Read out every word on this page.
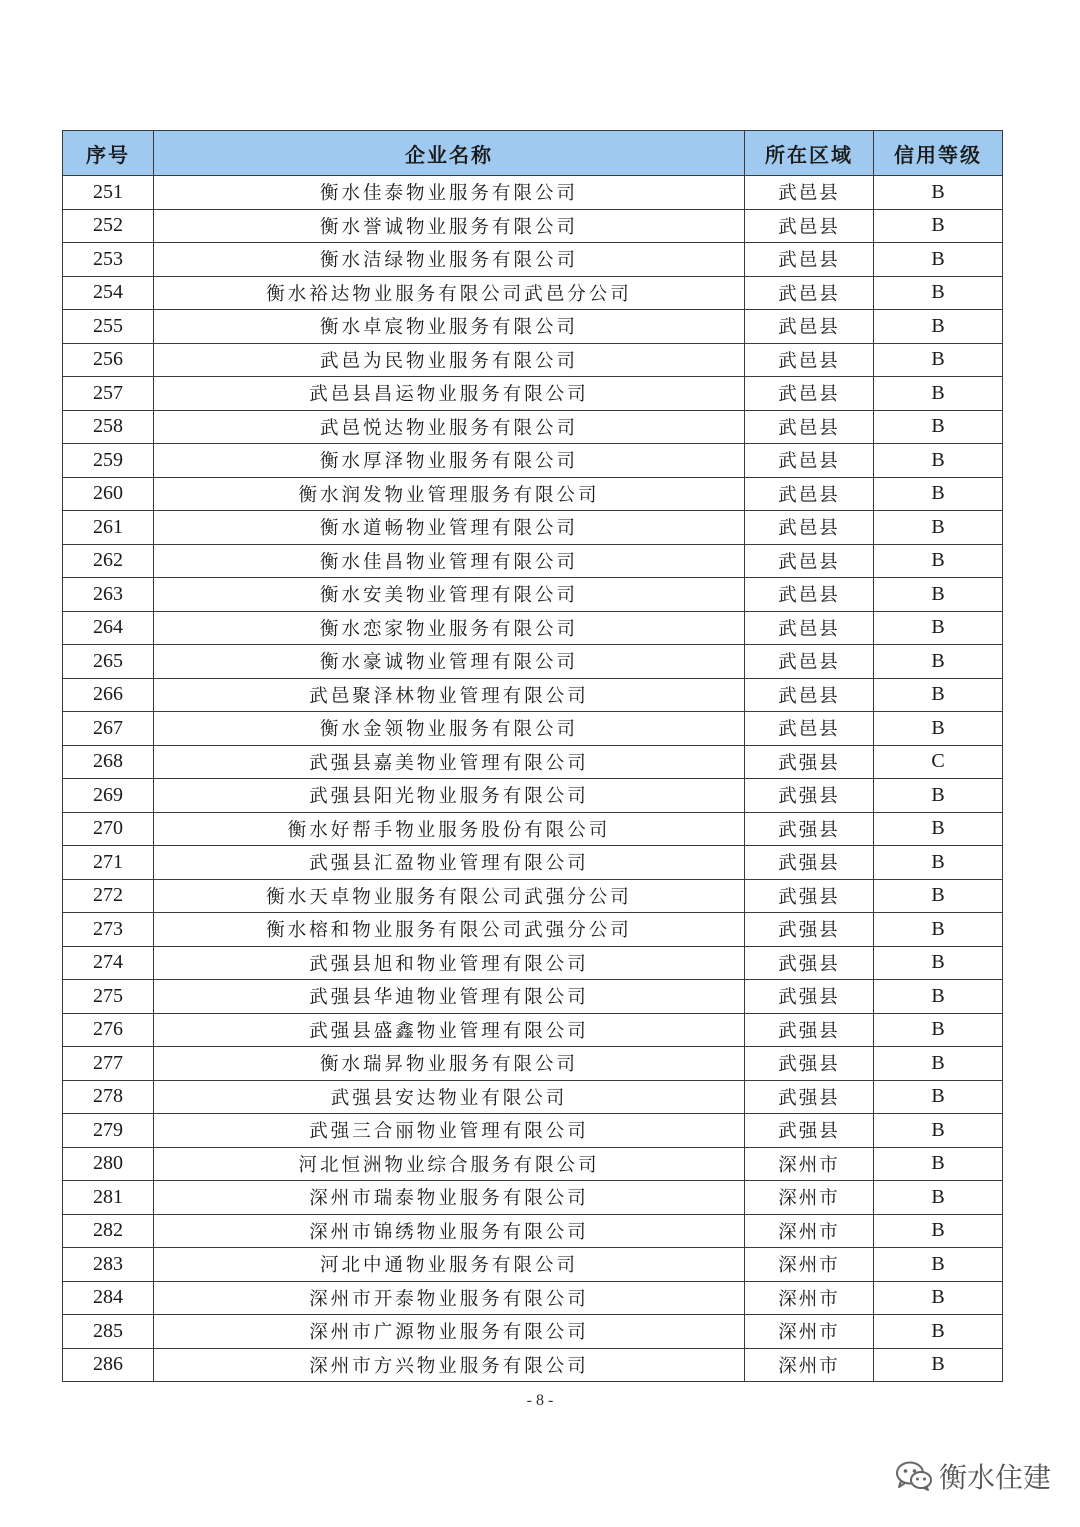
序号	企业名称	所在区域	信用等级
251	衡水佳泰物业服务有限公司	武邑县	B
252	衡水誉诚物业服务有限公司	武邑县	B
253	衡水洁绿物业服务有限公司	武邑县	B
254	衡水裕达物业服务有限公司武邑分公司	武邑县	B
255	衡水卓宸物业服务有限公司	武邑县	B
256	武邑为民物业服务有限公司	武邑县	B
257	武邑县昌运物业服务有限公司	武邑县	B
258	武邑悦达物业服务有限公司	武邑县	B
259	衡水厚泽物业服务有限公司	武邑县	B
260	衡水润发物业管理服务有限公司	武邑县	B
261	衡水道畅物业管理有限公司	武邑县	B
262	衡水佳昌物业管理有限公司	武邑县	B
263	衡水安美物业管理有限公司	武邑县	B
264	衡水恋家物业服务有限公司	武邑县	B
265	衡水豪诚物业管理有限公司	武邑县	B
266	武邑聚泽林物业管理有限公司	武邑县	B
267	衡水金领物业服务有限公司	武邑县	B
268	武强县嘉美物业管理有限公司	武强县	C
269	武强县阳光物业服务有限公司	武强县	B
270	衡水好帮手物业服务股份有限公司	武强县	B
271	武强县汇盈物业管理有限公司	武强县	B
272	衡水天卓物业服务有限公司武强分公司	武强县	B
273	衡水榕和物业服务有限公司武强分公司	武强县	B
274	武强县旭和物业管理有限公司	武强县	B
275	武强县华迪物业管理有限公司	武强县	B
276	武强县盛鑫物业管理有限公司	武强县	B
277	衡水瑞昇物业服务有限公司	武强县	B
278	武强县安达物业有限公司	武强县	B
279	武强三合丽物业管理有限公司	武强县	B
280	河北恒洲物业综合服务有限公司	深州市	B
281	深州市瑞泰物业服务有限公司	深州市	B
282	深州市锦绣物业服务有限公司	深州市	B
283	河北中通物业服务有限公司	深州市	B
284	深州市开泰物业服务有限公司	深州市	B
285	深州市广源物业服务有限公司	深州市	B
286	深州市方兴物业服务有限公司	深州市	B
- 8 -
衡水住建
